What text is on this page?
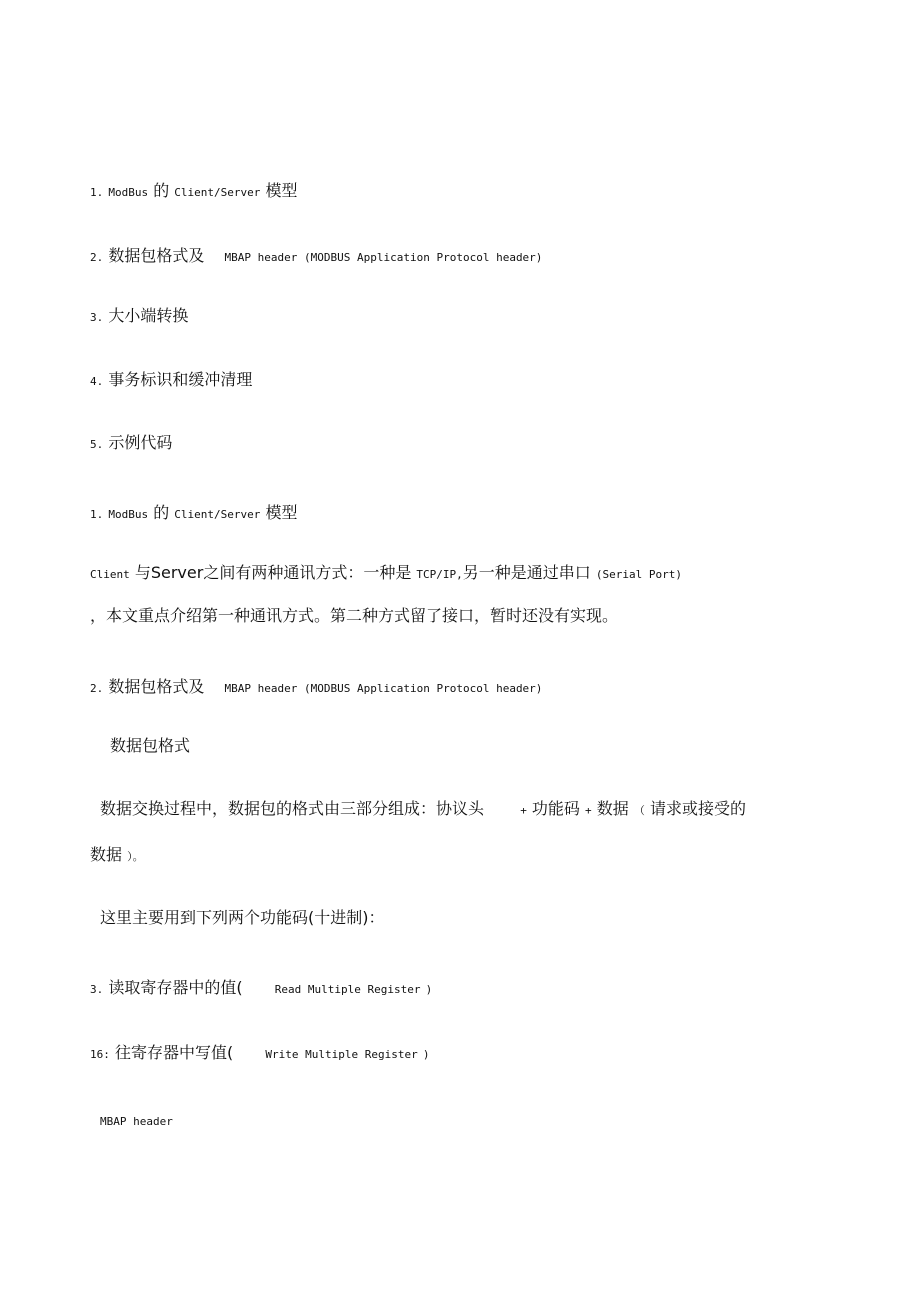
1. ModBus 的 Client/Server 模型
2. 数据包格式及 MBAP header (MODBUS Application Protocol header)
3. 大小端转换
4. 事务标识和缓冲清理
5. 示例代码
1. ModBus 的 Client/Server 模型
Client 与Server之间有两种通讯方式：一种是 TCP/IP,另一种是通过串口 (Serial Port)
，本文重点介绍第一种通讯方式。第二种方式留了接口，暂时还没有实现。
2. 数据包格式及 MBAP header (MODBUS Application Protocol header)
数据包格式
数据交换过程中，数据包的格式由三部分组成：协议头	+ 功能码 + 数据 （ 请求或接受的
数据 ）。
这里主要用到下列两个功能码(十进制)：
3. 读取寄存器中的值(	Read Multiple Register )
16: 往寄存器中写值(	Write Multiple Register )
MBAP header
